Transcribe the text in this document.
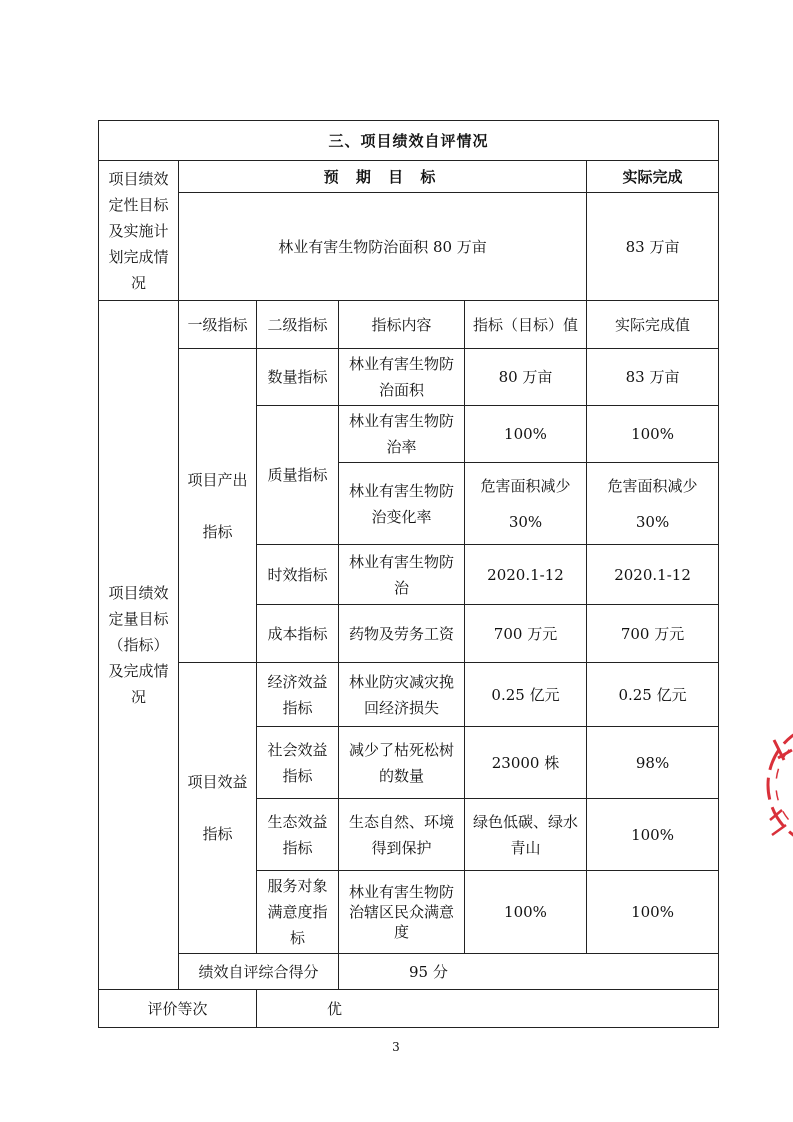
三、项目绩效自评情况					
项目绩效定性目标及实施计划完成情况	预 期 目 标				实际完成
	林业有害生物防治面积 80 万亩				83 万亩
项目绩效
定量目标
（指标）
及完成情
况	一级指标	二级指标	指标内容	指标（目标）值	实际完成值
	项目产出

指标	数量指标	林业有害生物防治面积	80 万亩	83 万亩
		质量指标	林业有害生物防治率	100%	100%
			林业有害生物防治变化率	危害面积减少 30%	危害面积减少 30%
		时效指标	林业有害生物防治	2020.1-12	2020.1-12
		成本指标	药物及劳务工资	700 万元	700 万元
	项目效益

指标	经济效益指标	林业防灾减灾挽回经济损失	0.25 亿元	0.25 亿元
		社会效益指标	减少了枯死松树的数量	23000 株	98%
		生态效益指标	生态自然、环境得到保护	绿色低碳、绿水青山	100%
		服务对象满意度指标	林业有害生物防治辖区民众满意度	100%	100%
	绩效自评综合得分		95 分		
评价等次		优			
3
